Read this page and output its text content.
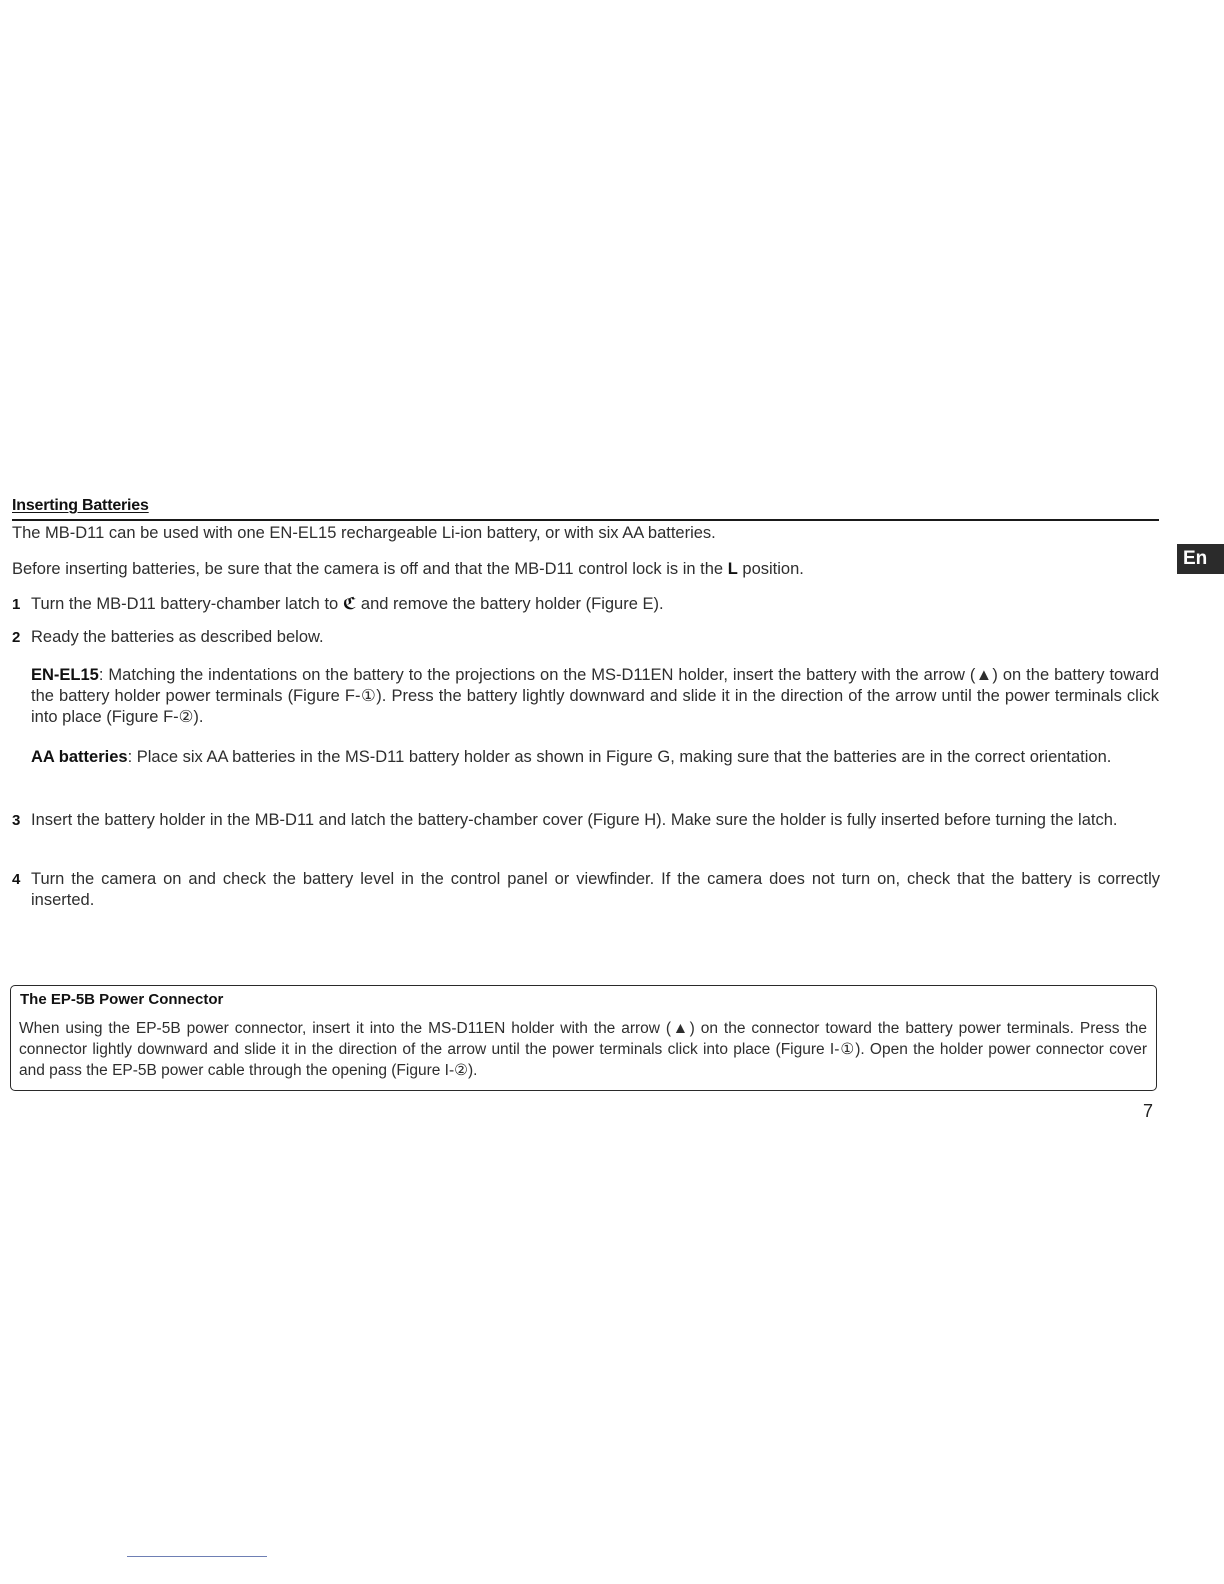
Inserting Batteries
En
The MB-D11 can be used with one EN-EL15 rechargeable Li-ion battery, or with six AA batteries.
Before inserting batteries, be sure that the camera is off and that the MB-D11 control lock is in the L position.
1 Turn the MB-D11 battery-chamber latch to ℭ and remove the battery holder (Figure E).
2 Ready the batteries as described below.
EN-EL15: Matching the indentations on the battery to the projections on the MS-D11EN holder, insert the battery with the arrow (▲) on the battery toward the battery holder power terminals (Figure F-①). Press the battery lightly downward and slide it in the direction of the arrow until the power terminals click into place (Figure F-②).
AA batteries: Place six AA batteries in the MS-D11 battery holder as shown in Figure G, making sure that the batteries are in the correct orientation.
3 Insert the battery holder in the MB-D11 and latch the battery-chamber cover (Figure H). Make sure the holder is fully inserted before turning the latch.
4 Turn the camera on and check the battery level in the control panel or viewfinder. If the camera does not turn on, check that the battery is correctly inserted.
The EP-5B Power Connector
When using the EP-5B power connector, insert it into the MS-D11EN holder with the arrow (▲) on the connector toward the battery power terminals. Press the connector lightly downward and slide it in the direction of the arrow until the power terminals click into place (Figure I-①). Open the holder power connector cover and pass the EP-5B power cable through the opening (Figure I-②).
7
